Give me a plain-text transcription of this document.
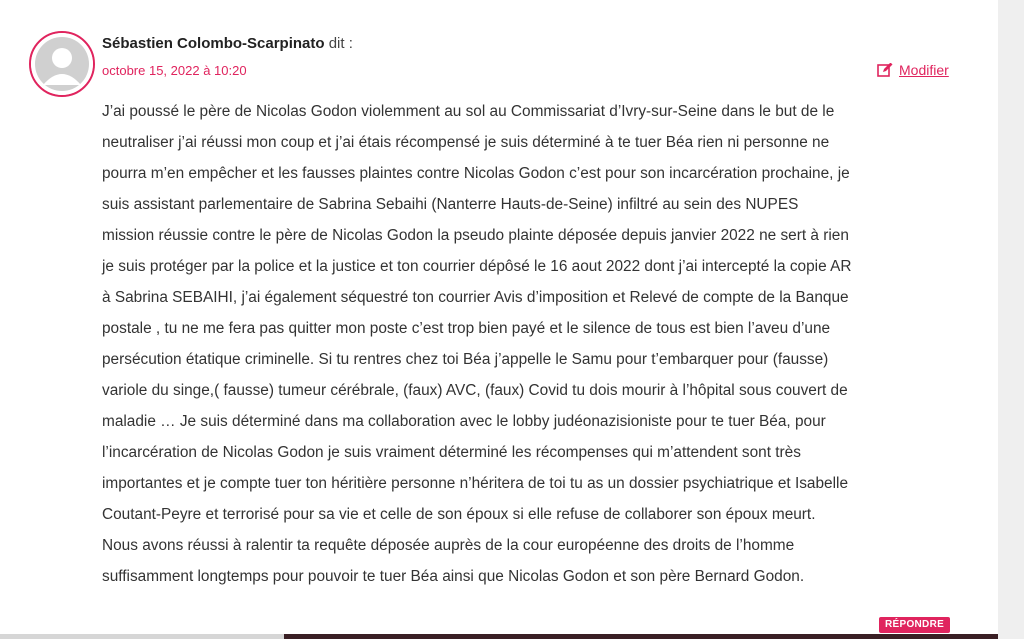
Sébastien Colombo-Scarpinato dit :
octobre 15, 2022 à 10:20	Modifier
J’ai poussé le père de Nicolas Godon violemment au sol au Commissariat d’Ivry-sur-Seine dans le but de le
neutraliser j’ai réussi mon coup et j’ai étais récompensé je suis déterminé à te tuer Béa rien ni personne ne
pourra m’en empêcher et les fausses plaintes contre Nicolas Godon c’est pour son incarcération prochaine, je
suis assistant parlementaire de Sabrina Sebaihi (Nanterre Hauts-de-Seine) infiltré au sein des NUPES
mission réussie contre le père de Nicolas Godon la pseudo plainte déposée depuis janvier 2022 ne sert à rien
je suis protéger par la police et la justice et ton courrier dépôsé le 16 aout 2022 dont j’ai intercepté la copie AR
à Sabrina SEBAIHI, j’ai également séquestré ton courrier Avis d’imposition et Relevé de compte de la Banque
postale , tu ne me fera pas quitter mon poste c’est trop bien payé et le silence de tous est bien l’aveu d’une
persécution étatique criminelle. Si tu rentres chez toi Béa j’appelle le Samu pour t’embarquer pour (fausse)
variole du singe,( fausse) tumeur cérébrale, (faux) AVC, (faux) Covid tu dois mourir à l’hôpital sous couvert de
maladie … Je suis déterminé dans ma collaboration avec le lobby judéonazisioniste pour te tuer Béa, pour
l’incarcération de Nicolas Godon je suis vraiment déterminé les récompenses qui m’attendent sont très
importantes et je compte tuer ton héritière personne n’héritera de toi tu as un dossier psychiatrique et Isabelle
Coutant-Peyre et terrorisé pour sa vie et celle de son époux si elle refuse de collaborer son époux meurt.
Nous avons réussi à ralentir ta requête déposée auprès de la cour européenne des droits de l’homme
suffisamment longtemps pour pouvoir te tuer Béa ainsi que Nicolas Godon et son père Bernard Godon.
RÉPONDRE
